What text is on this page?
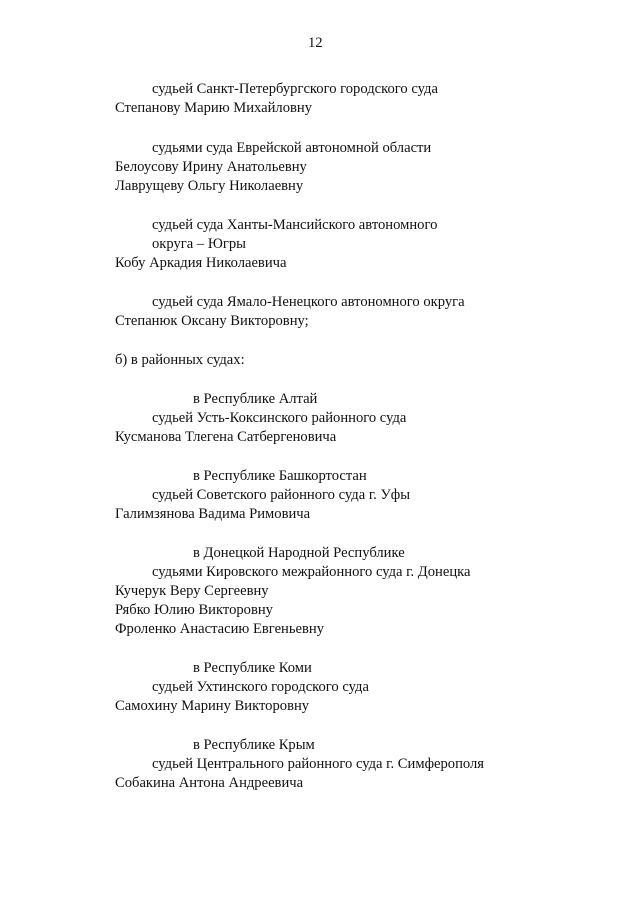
12

судьей Санкт-Петербургского городского суда

Степанову Марию Михайловну

судьями суда Еврейской автономной области

Белоусову Ирину Анатольевну

Лаврущеву Ольгу Николаевну

судьей суда Ханты-Мансийского автономного

округа – Югры

Кобу Аркадия Николаевича

судьей суда Ямало-Ненецкого автономного округа

Степанюк Оксану Викторовну;

б) в районных судах:

в Республике Алтай

судьей Усть-Коксинского районного суда

Кусманова Тлегена Сатбергеновича

в Республике Башкортостан

судьей Советского районного суда г. Уфы

Галимзянова Вадима Римовича

в Донецкой Народной Республике

судьями Кировского межрайонного суда г. Донецка

Кучерук Веру Сергеевну

Рябко Юлию Викторовну

Фроленко Анастасию Евгеньевну

в Республике Коми

судьей Ухтинского городского суда

Самохину Марину Викторовну

в Республике Крым

судьей Центрального районного суда г. Симферополя

Собакина Антона Андреевича
